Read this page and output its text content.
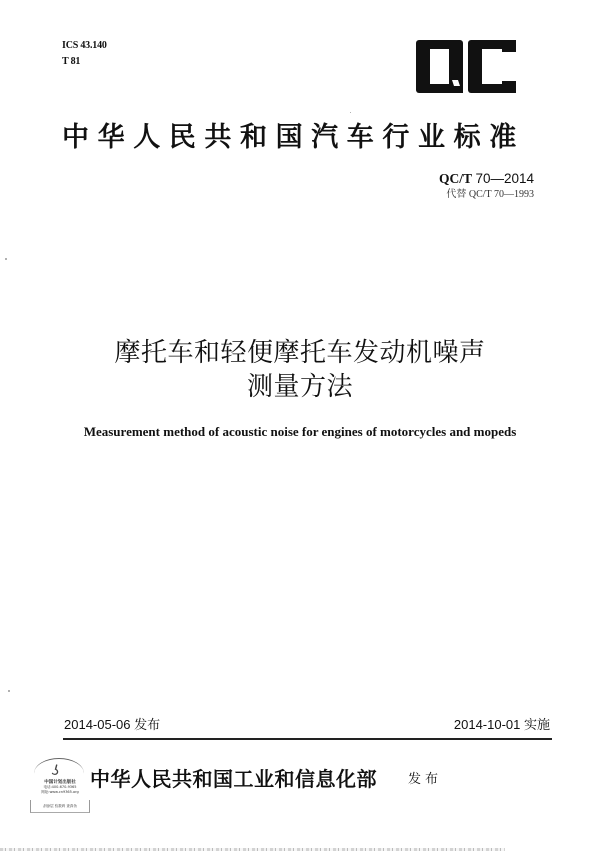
ICS 43.140
T 81
中华人民共和国汽车行业标准
QC/T 70—2014
代替 QC/T 70—1993
摩托车和轻便摩托车发动机噪声
测量方法
Measurement method of acoustic noise for engines of motorcycles and mopeds
2014-05-06 发布	2014-10-01 实施
ʖ
中国计划出版社
电话:400-670-9365
网址:www.cn9365.org
刮涂层 验数码 查真伪
中华人民共和国工业和信息化部 发布
